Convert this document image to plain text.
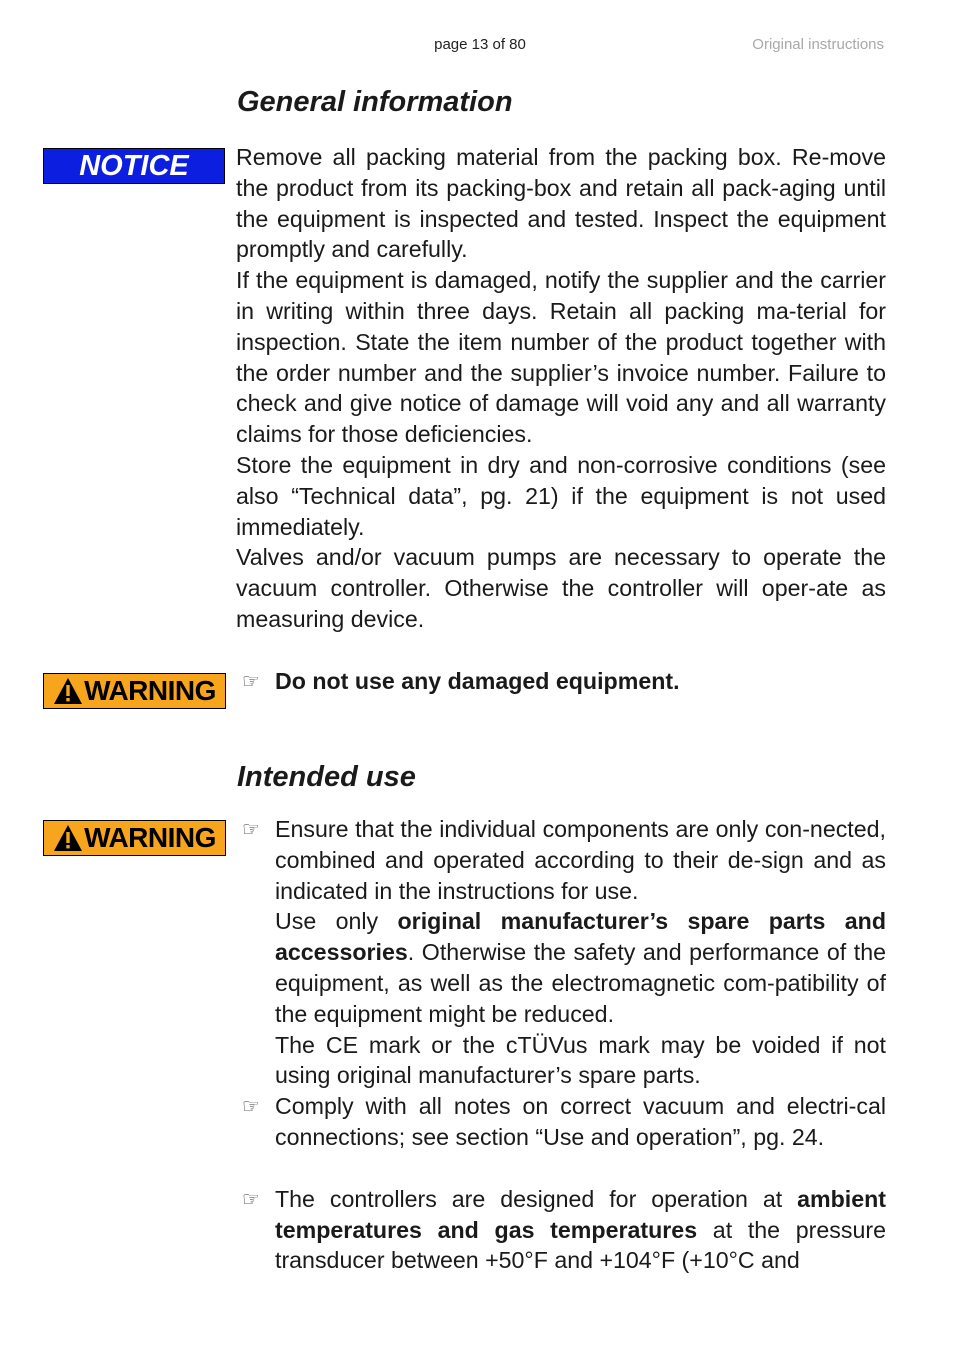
page 13 of 80	Original instructions
General information
NOTICE	Remove all packing material from the packing box. Re-move the product from its packing-box and retain all pack-aging until the equipment is inspected and tested. Inspect the equipment promptly and carefully.

If the equipment is damaged, notify the supplier and the carrier in writing within three days. Retain all packing ma-terial for inspection. State the item number of the product together with the order number and the supplier’s invoice number. Failure to check and give notice of damage will void any and all warranty claims for those deficiencies.

Store the equipment in dry and non-corrosive conditions (see also “Technical data”, pg. 21) if the equipment is not used immediately.

Valves and/or vacuum pumps are necessary to operate the vacuum controller. Otherwise the controller will oper-ate as measuring device.

WARNING ☞ Do not use any damaged equipment.

Intended use
WARNING ☞ Ensure that the individual components are only con-nected, combined and operated according to their de-sign and as indicated in the instructions for use.

Use only original manufacturer’s spare parts and accessories. Otherwise the safety and performance of the equipment, as well as the electromagnetic com-patibility of the equipment might be reduced.

The CE mark or the cTÜVus mark may be voided if not using original manufacturer’s spare parts.

☞ Comply with all notes on correct vacuum and electri-cal connections; see section “Use and operation”, pg. 24.

☞ The controllers are designed for operation at ambient temperatures and gas temperatures at the pressure transducer between +50°F and +104°F (+10°C and
